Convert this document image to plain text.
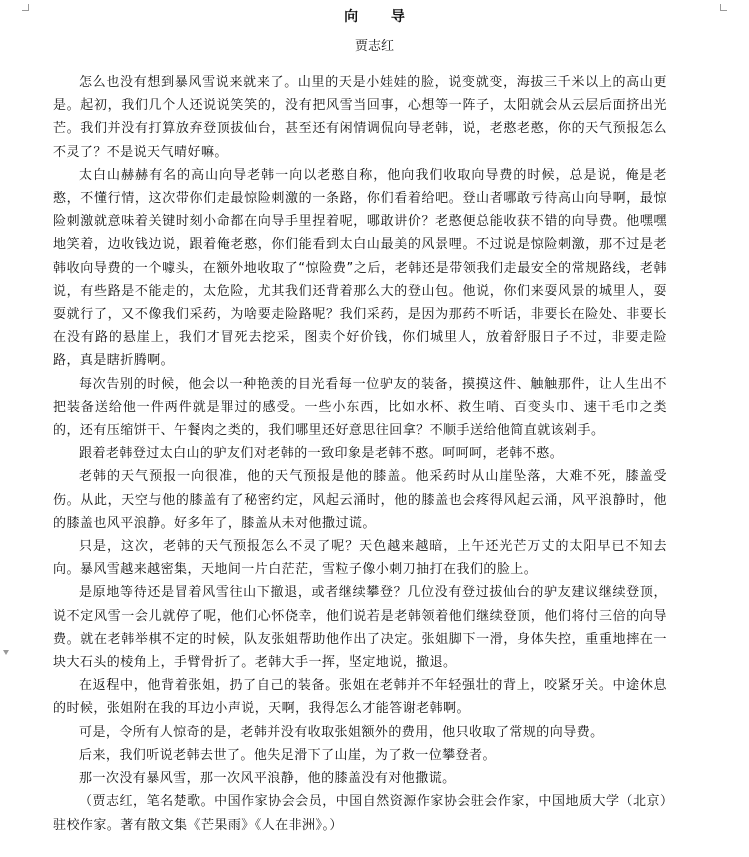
向 导
贾志红

怎么也没有想到暴风雪说来就来了。山里的天是小娃娃的脸，说变就变，海拔三千米以上的高山更是。起初，我们几个人还说说笑笑的，没有把风雪当回事，心想等一阵子，太阳就会从云层后面挤出光芒。我们并没有打算放弃登顶拔仙台，甚至还有闲情调侃向导老韩，说，老憨老憨，你的天气预报怎么不灵了？不是说天气晴好嘛。

太白山赫赫有名的高山向导老韩一向以老憨自称，他向我们收取向导费的时候，总是说，俺是老憨，不懂行情，这次带你们走最惊险刺激的一条路，你们看着给吧。登山者哪敢亏待高山向导啊，最惊险刺激就意味着关键时刻小命都在向导手里捏着呢，哪敢讲价？老憨便总能收获不错的向导费。他嘿嘿地笑着，边收钱边说，跟着俺老憨，你们能看到太白山最美的风景哩。不过说是惊险刺激，那不过是老韩收向导费的一个噱头，在额外地收取了“惊险费”之后，老韩还是带领我们走最安全的常规路线，老韩说，有些路是不能走的，太危险，尤其我们还背着那么大的登山包。他说，你们来耍风景的城里人，耍耍就行了，又不像我们采药，为啥要走险路呢？我们采药，是因为那药不听话，非要长在险处、非要长在没有路的悬崖上，我们才冒死去挖采，图卖个好价钱，你们城里人，放着舒服日子不过，非要走险路，真是瞎折腾啊。

每次告别的时候，他会以一种艳羡的目光看每一位驴友的装备，摸摸这件、触触那件，让人生出不把装备送给他一件两件就是罪过的感受。一些小东西，比如水杯、救生哨、百变头巾、速干毛巾之类的，还有压缩饼干、午餐肉之类的，我们哪里还好意思往回拿？不顺手送给他简直就该剁手。

跟着老韩登过太白山的驴友们对老韩的一致印象是老韩不憨。呵呵呵，老韩不憨。

老韩的天气预报一向很准，他的天气预报是他的膝盖。他采药时从山崖坠落，大难不死，膝盖受伤。从此，天空与他的膝盖有了秘密约定，风起云涌时，他的膝盖也会疼得风起云涌，风平浪静时，他的膝盖也风平浪静。好多年了，膝盖从未对他撒过谎。

只是，这次，老韩的天气预报怎么不灵了呢？天色越来越暗，上午还光芒万丈的太阳早已不知去向。暴风雪越来越密集，天地间一片白茫茫，雪粒子像小刺刀抽打在我们的脸上。

是原地等待还是冒着风雪往山下撤退，或者继续攀登？几位没有登过拔仙台的驴友建议继续登顶，说不定风雪一会儿就停了呢，他们心怀侥幸，他们说若是老韩领着他们继续登顶，他们将付三倍的向导费。就在老韩举棋不定的时候，队友张姐帮助他作出了决定。张姐脚下一滑，身体失控，重重地摔在一块大石头的棱角上，手臂骨折了。老韩大手一挥，坚定地说，撤退。

在返程中，他背着张姐，扔了自己的装备。张姐在老韩并不年轻强壮的背上，咬紧牙关。中途休息的时候，张姐附在我的耳边小声说，天啊，我得怎么才能答谢老韩啊。

可是，令所有人惊奇的是，老韩并没有收取张姐额外的费用，他只收取了常规的向导费。

后来，我们听说老韩去世了。他失足滑下了山崖，为了救一位攀登者。

那一次没有暴风雪，那一次风平浪静，他的膝盖没有对他撒谎。

（贾志红，笔名楚歌。中国作家协会会员，中国自然资源作家协会驻会作家，中国地质大学（北京）驻校作家。著有散文集《芒果雨》《人在非洲》。）
